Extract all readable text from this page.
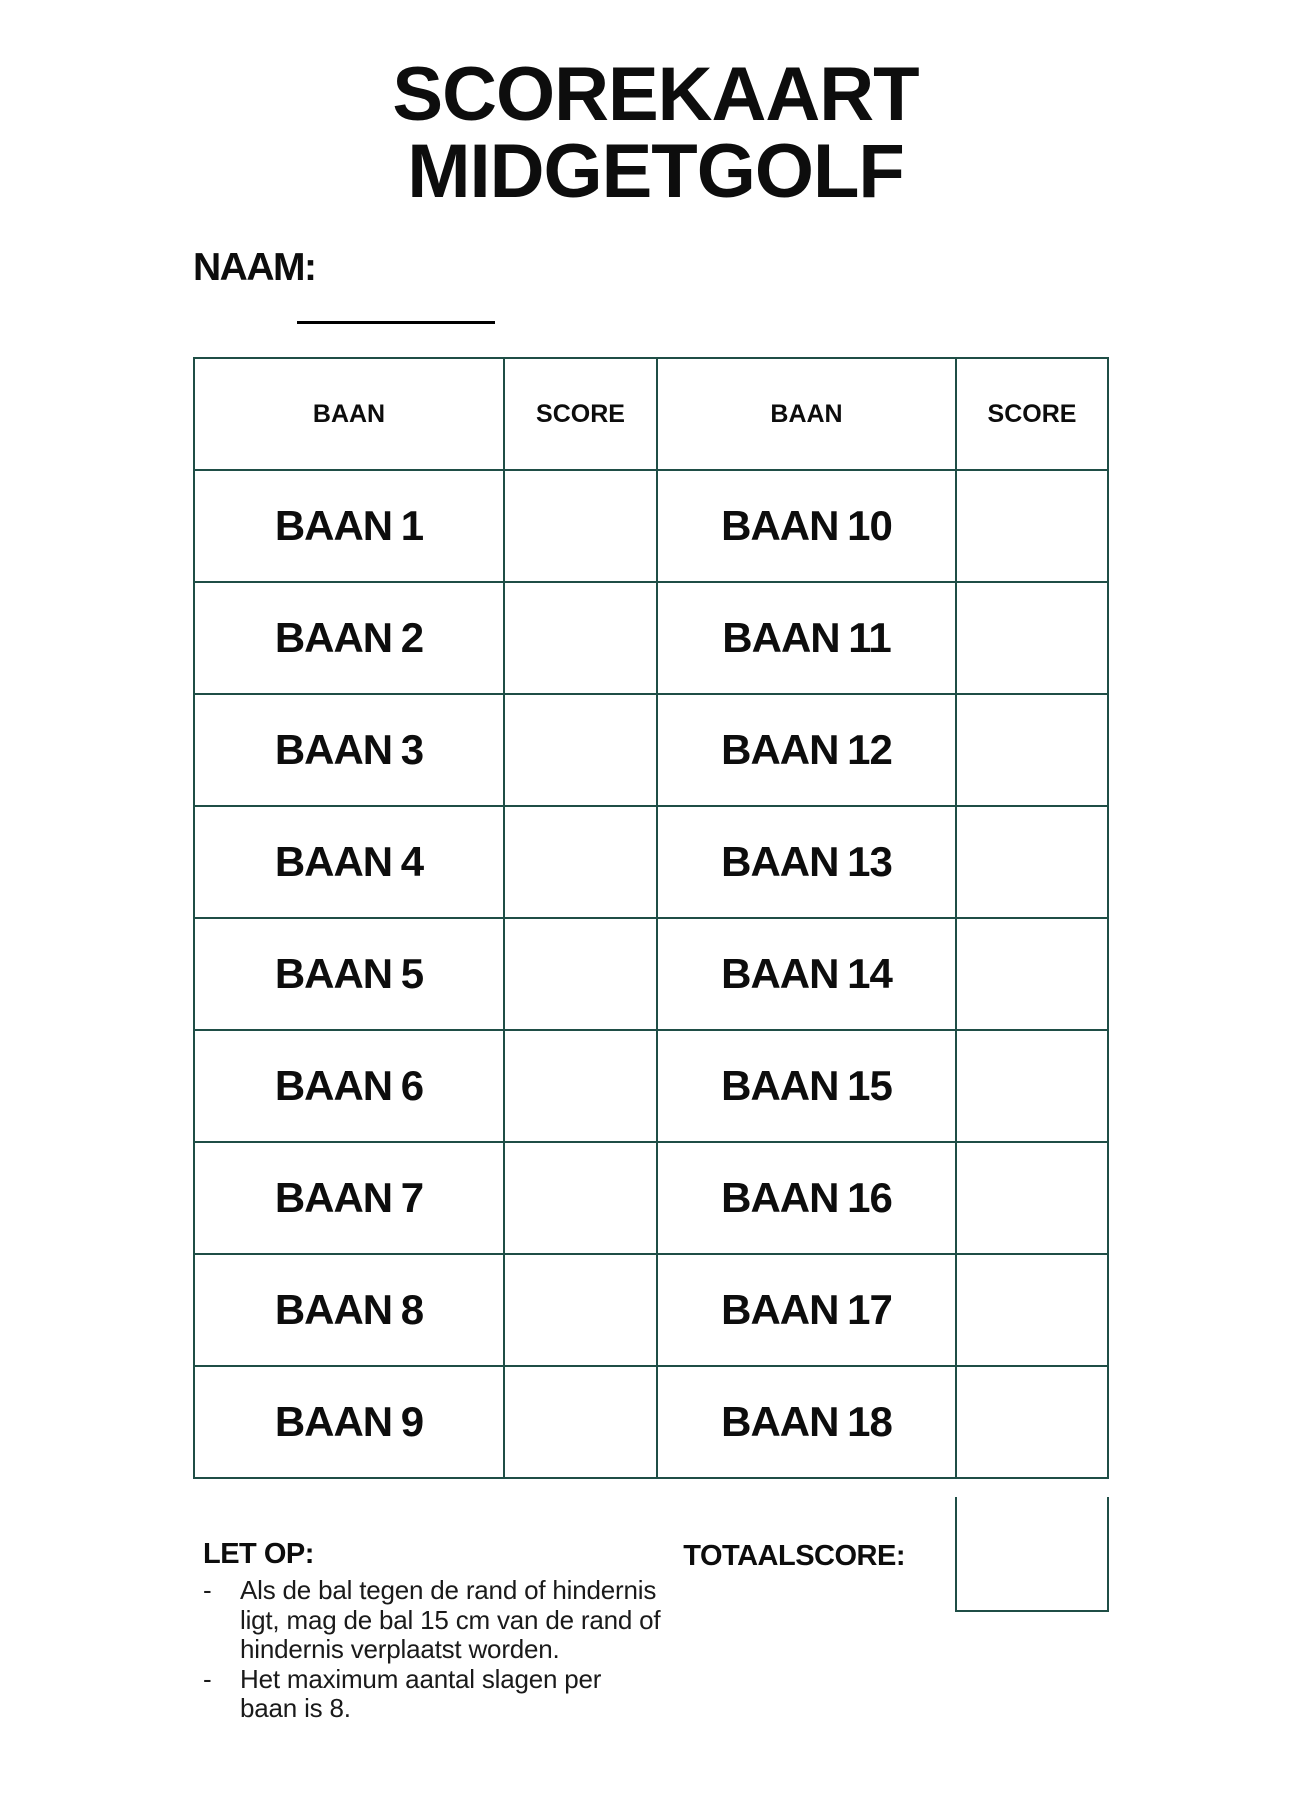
SCOREKAART
MIDGETGOLF
NAAM:
BAAN	SCORE	BAAN	SCORE
BAAN 1		BAAN 10	
BAAN 2		BAAN 11	
BAAN 3		BAAN 12	
BAAN 4		BAAN 13	
BAAN 5		BAAN 14	
BAAN 6		BAAN 15	
BAAN 7		BAAN 16	
BAAN 8		BAAN 17	
BAAN 9		BAAN 18	
TOTAALSCORE:
LET OP:
-	Als de bal tegen de rand of hindernis
ligt, mag de bal 15 cm van de rand of
hindernis verplaatst worden.
-	Het maximum aantal slagen per
baan is 8.
